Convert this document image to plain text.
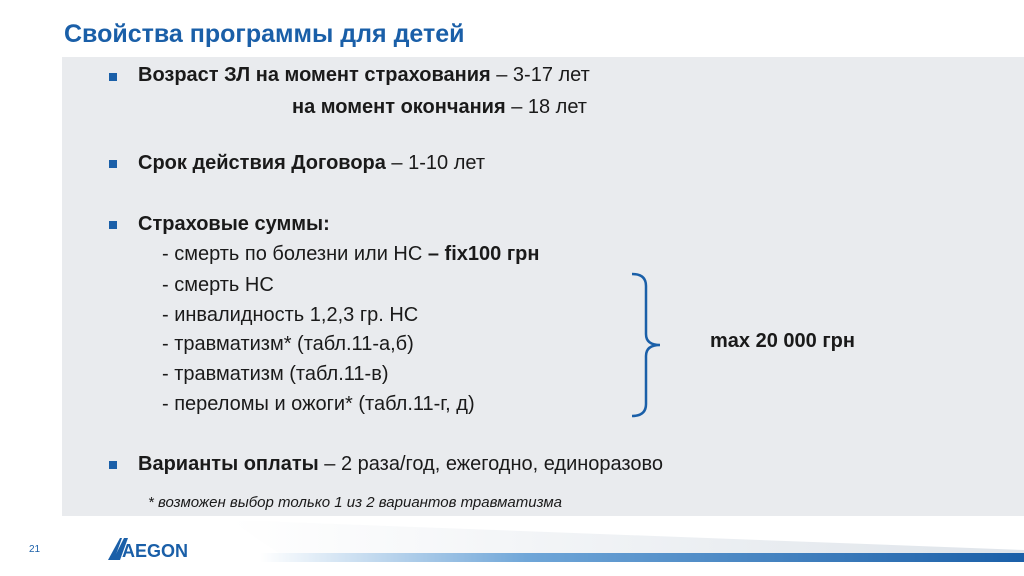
Свойства программы для детей
Возраст ЗЛ на момент страхования – 3-17 лет
на момент окончания – 18 лет
Срок действия Договора – 1-10 лет
Страховые суммы:
- смерть по болезни или НС – fix100 грн
- смерть НС
- инвалидность 1,2,3 гр. НС
- травматизм* (табл.11-а,б)
- травматизм (табл.11-в)
- переломы и ожоги* (табл.11-г, д)
max 20 000 грн
Варианты оплаты – 2 раза/год, ежегодно, единоразово
* возможен выбор только 1 из 2 вариантов травматизма
21	AEGON
